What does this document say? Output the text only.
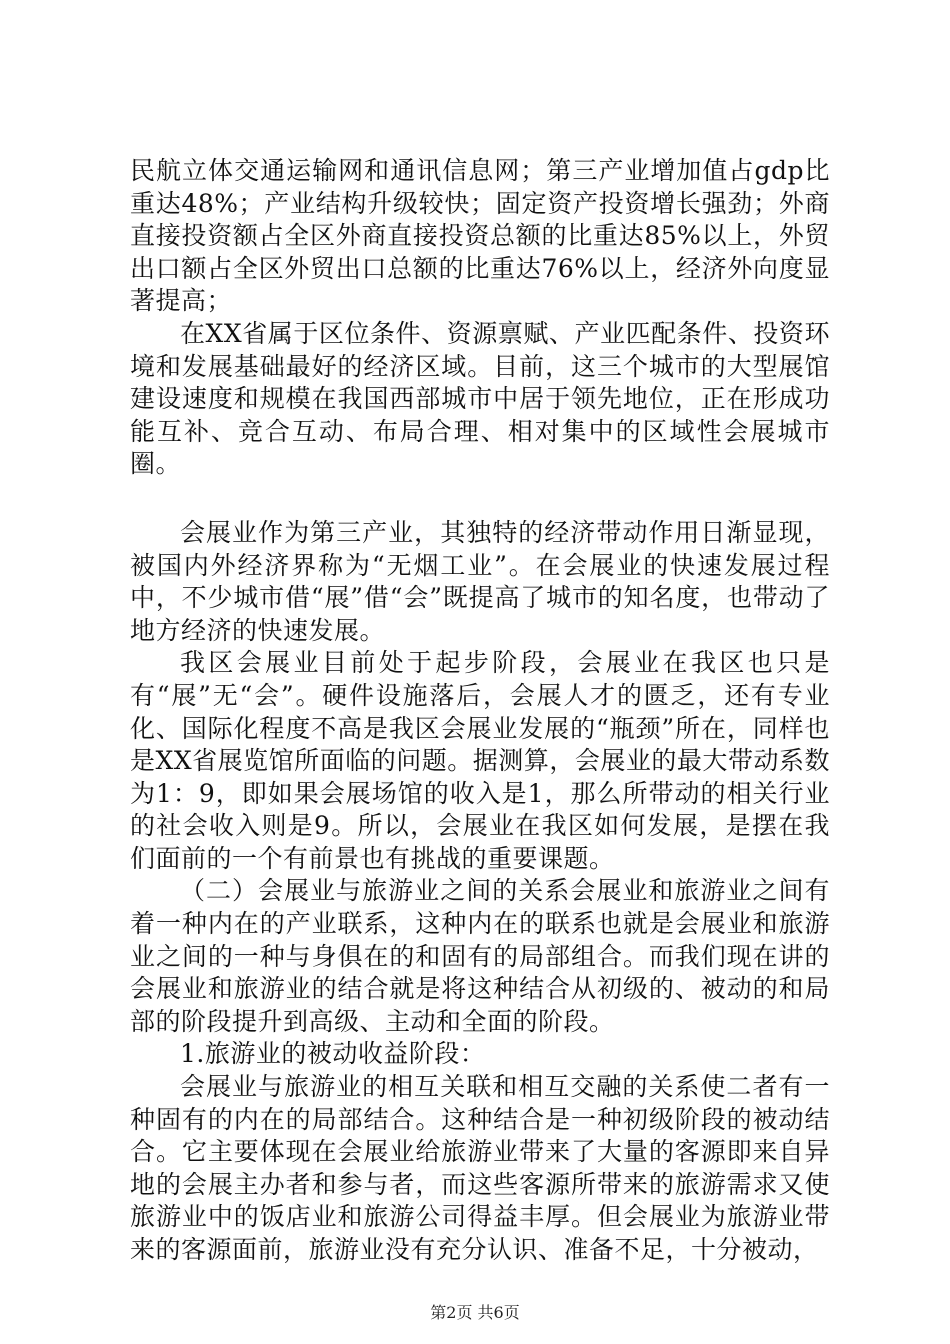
民航立体交通运输网和通讯信息网；第三产业增加值占gdp比重达48%；产业结构升级较快；固定资产投资增长强劲；外商直接投资额占全区外商直接投资总额的比重达85%以上，外贸出口额占全区外贸出口总额的比重达76%以上，经济外向度显著提高；

在XX省属于区位条件、资源禀赋、产业匹配条件、投资环境和发展基础最好的经济区域。目前，这三个城市的大型展馆建设速度和规模在我国西部城市中居于领先地位，正在形成功能互补、竞合互动、布局合理、相对集中的区域性会展城市圈。

会展业作为第三产业，其独特的经济带动作用日渐显现，被国内外经济界称为“无烟工业”。在会展业的快速发展过程中，不少城市借“展”借“会”既提高了城市的知名度，也带动了地方经济的快速发展。

我区会展业目前处于起步阶段，会展业在我区也只是有“展”无“会”。硬件设施落后，会展人才的匮乏，还有专业化、国际化程度不高是我区会展业发展的“瓶颈”所在，同样也是XX省展览馆所面临的问题。据测算，会展业的最大带动系数为1：9，即如果会展场馆的收入是1，那么所带动的相关行业的社会收入则是9。所以，会展业在我区如何发展，是摆在我们面前的一个有前景也有挑战的重要课题。

（二）会展业与旅游业之间的关系会展业和旅游业之间有着一种内在的产业联系，这种内在的联系也就是会展业和旅游业之间的一种与身俱在的和固有的局部组合。而我们现在讲的会展业和旅游业的结合就是将这种结合从初级的、被动的和局部的阶段提升到高级、主动和全面的阶段。

1.旅游业的被动收益阶段：

会展业与旅游业的相互关联和相互交融的关系使二者有一种固有的内在的局部结合。这种结合是一种初级阶段的被动结合。它主要体现在会展业给旅游业带来了大量的客源即来自异地的会展主办者和参与者，而这些客源所带来的旅游需求又使旅游业中的饭店业和旅游公司得益丰厚。但会展业为旅游业带来的客源面前，旅游业没有充分认识、准备不足，十分被动，

第2页 共6页
